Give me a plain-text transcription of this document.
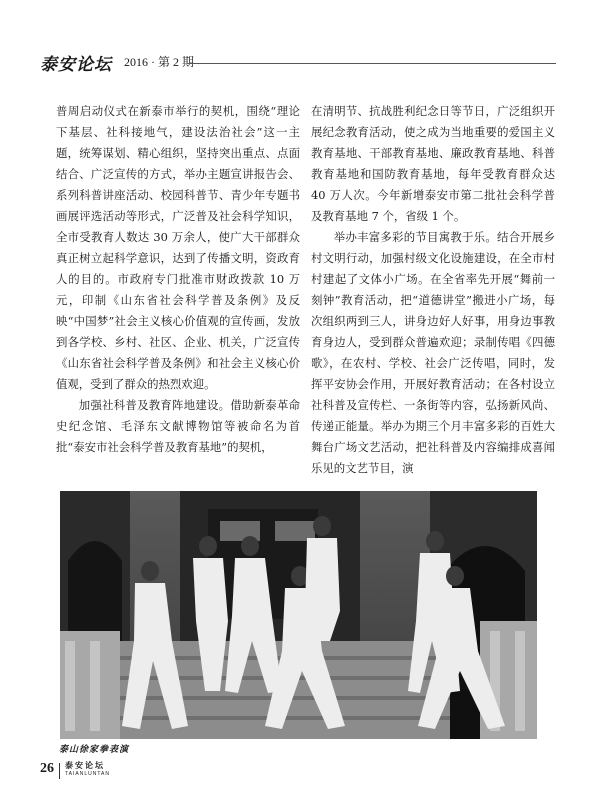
泰安论坛 2016 · 第 2 期

普周启动仪式在新泰市举行的契机，围绕“理论下基层、社科接地气，建设法治社会”这一主题，统筹谋划、精心组织，坚持突出重点、点面结合、广泛宣传的方式，举办主题宣讲报告会、系列科普讲座活动、校园科普节、青少年专题书画展评选活动等形式，广泛普及社会科学知识，全市受教育人数达 30 万余人，使广大干部群众真正树立起科学意识，达到了传播文明，资政育人的目的。市政府专门批准市财政拨款 10 万元，印制《山东省社会科学普及条例》及反映“中国梦”社会主义核心价值观的宣传画，发放到各学校、乡村、社区、企业、机关，广泛宣传《山东省社会科学普及条例》和社会主义核心价值观，受到了群众的热烈欢迎。

加强社科普及教育阵地建设。借助新泰革命史纪念馆、毛泽东文献博物馆等被命名为首批“泰安市社会科学普及教育基地”的契机，

在清明节、抗战胜利纪念日等节日，广泛组织开展纪念教育活动，使之成为当地重要的爱国主义教育基地、干部教育基地、廉政教育基地、科普教育基地和国防教育基地，每年受教育群众达 40 万人次。今年新增泰安市第二批社会科学普及教育基地 7 个，省级 1 个。

举办丰富多彩的节目寓教于乐。结合开展乡村文明行动，加强村级文化设施建设，在全市村村建起了文体小广场。在全省率先开展“舞前一刻钟”教育活动，把“道德讲堂”搬进小广场，每次组织两到三人，讲身边好人好事，用身边事教育身边人，受到群众普遍欢迎；录制传唱《四德歌》，在农村、学校、社会广泛传唱，同时，发挥平安协会作用，开展好教育活动；在各村设立社科普及宣传栏、一条街等内容，弘扬新风尚、传递正能量。举办为期三个月丰富多彩的百姓大舞台广场文艺活动，把社科普及内容编排成喜闻乐见的文艺节目，演

泰山徐家拳表演
26 泰安论坛
TAIANLUNTAN
